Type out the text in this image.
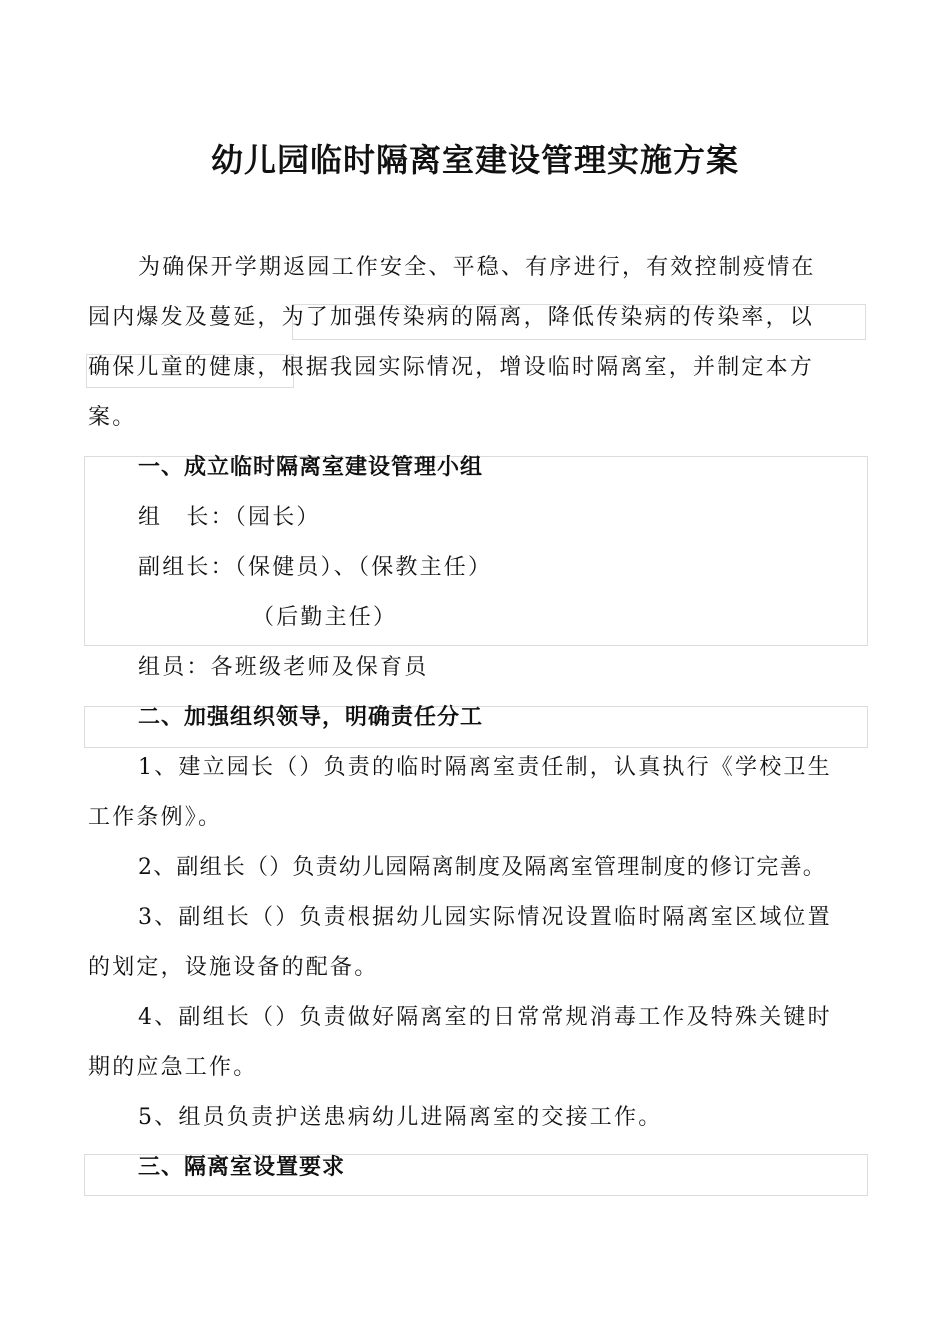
幼儿园临时隔离室建设管理实施方案
为确保开学期返园工作安全、平稳、有序进行，有效控制疫情在
园内爆发及蔓延，为了加强传染病的隔离，降低传染病的传染率，以
确保儿童的健康，根据我园实际情况，增设临时隔离室，并制定本方
案。
一、成立临时隔离室建设管理小组
组　长：（园长）
副组长：（保健员）、（保教主任）
（后勤主任）
组员：各班级老师及保育员
二、加强组织领导，明确责任分工
1、建立园长（）负责的临时隔离室责任制，认真执行《学校卫生
工作条例》。
2、副组长（）负责幼儿园隔离制度及隔离室管理制度的修订完善。
3、副组长（）负责根据幼儿园实际情况设置临时隔离室区域位置
的划定，设施设备的配备。
4、副组长（）负责做好隔离室的日常常规消毒工作及特殊关键时
期的应急工作。
5、组员负责护送患病幼儿进隔离室的交接工作。
三、隔离室设置要求
